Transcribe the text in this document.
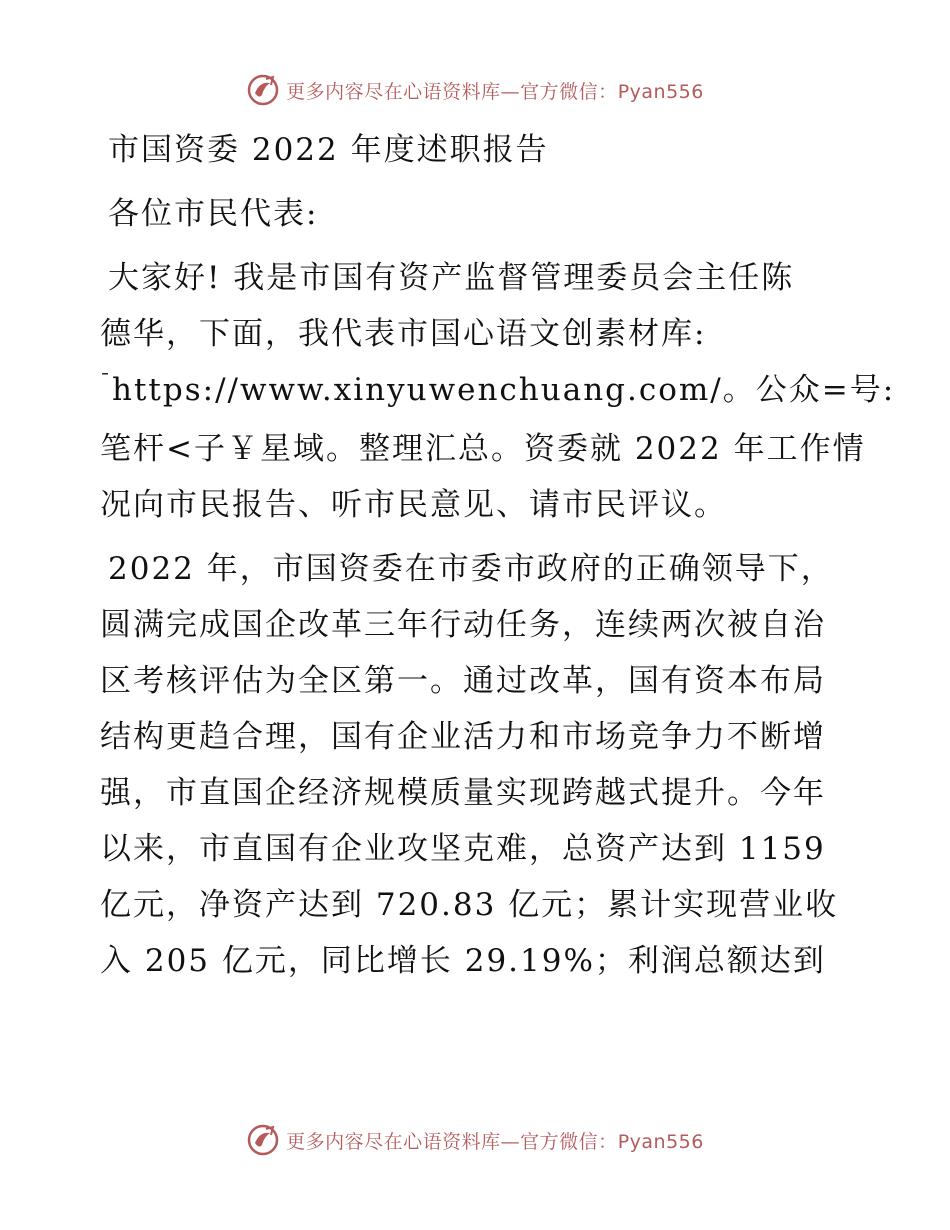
更多内容尽在心语资料库—官方微信：Pyan556
市国资委 2022 年度述职报告
各位市民代表:
大家好! 我是市国有资产监督管理委员会主任陈
德华，下面，我代表市国心语文创素材库:
¯https://www.xinyuwenchuang.com/。公众=号:
笔杆<子￥星域。整理汇总。资委就 2022 年工作情
况向市民报告、听市民意见、请市民评议。
2022 年，市国资委在市委市政府的正确领导下，
圆满完成国企改革三年行动任务，连续两次被自治
区考核评估为全区第一。通过改革，国有资本布局
结构更趋合理，国有企业活力和市场竞争力不断增
强，市直国企经济规模质量实现跨越式提升。今年
以来，市直国有企业攻坚克难，总资产达到 1159
亿元，净资产达到 720.83 亿元；累计实现营业收
入 205 亿元，同比增长 29.19%；利润总额达到
更多内容尽在心语资料库—官方微信：Pyan556
